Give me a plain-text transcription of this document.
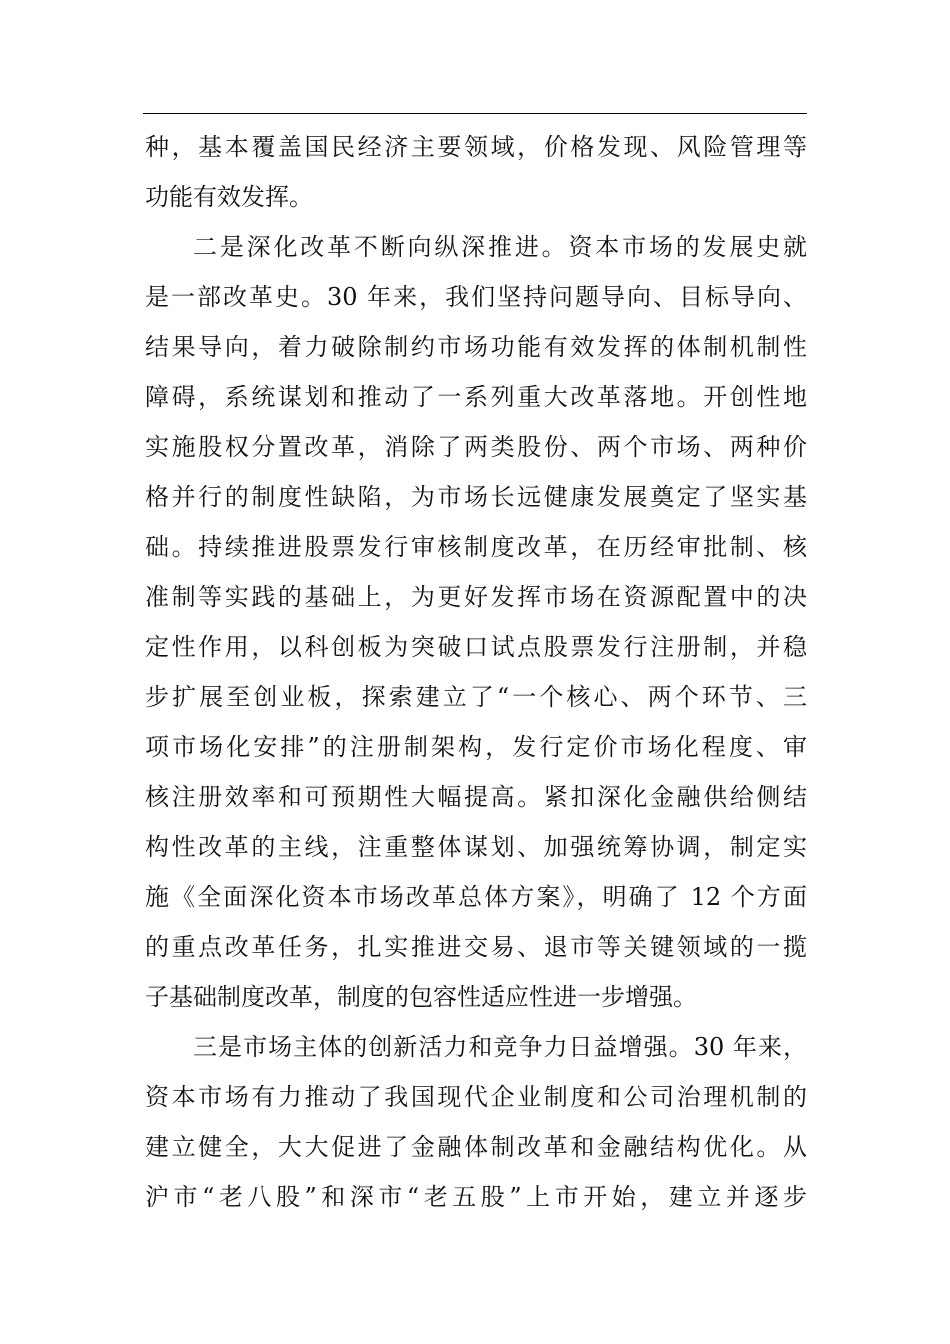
种，基本覆盖国民经济主要领域，价格发现、风险管理等
功能有效发挥。
二是深化改革不断向纵深推进。资本市场的发展史就
是一部改革史。30 年来，我们坚持问题导向、目标导向、
结果导向，着力破除制约市场功能有效发挥的体制机制性
障碍，系统谋划和推动了一系列重大改革落地。开创性地
实施股权分置改革，消除了两类股份、两个市场、两种价
格并行的制度性缺陷，为市场长远健康发展奠定了坚实基
础。持续推进股票发行审核制度改革，在历经审批制、核
准制等实践的基础上，为更好发挥市场在资源配置中的决
定性作用，以科创板为突破口试点股票发行注册制，并稳
步扩展至创业板，探索建立了“一个核心、两个环节、三
项市场化安排”的注册制架构，发行定价市场化程度、审
核注册效率和可预期性大幅提高。紧扣深化金融供给侧结
构性改革的主线，注重整体谋划、加强统筹协调，制定实
施《全面深化资本市场改革总体方案》，明确了 12 个方面
的重点改革任务，扎实推进交易、退市等关键领域的一揽
子基础制度改革，制度的包容性适应性进一步增强。
三是市场主体的创新活力和竞争力日益增强。30 年来，
资本市场有力推动了我国现代企业制度和公司治理机制的
建立健全，大大促进了金融体制改革和金融结构优化。从
沪市“老八股”和深市“老五股”上市开始，建立并逐步
